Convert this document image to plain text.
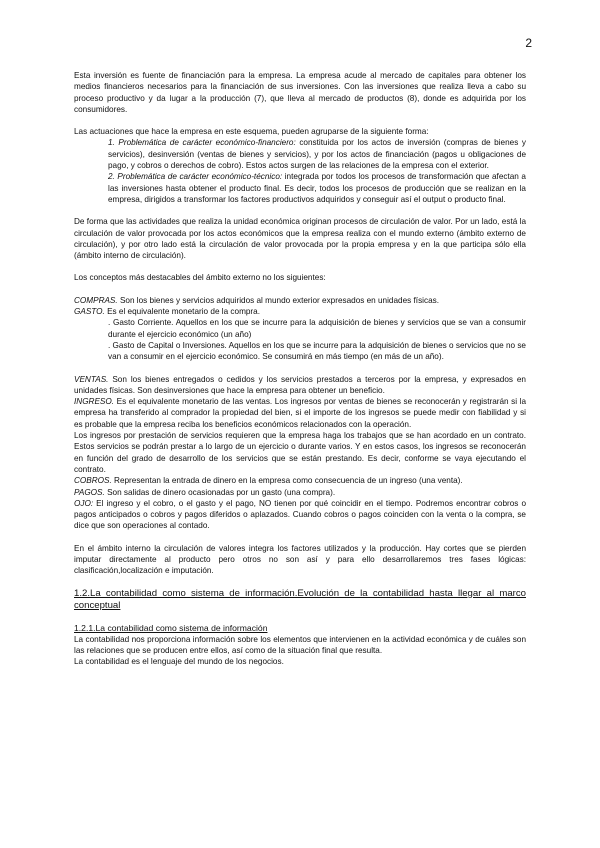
2

Esta inversión es fuente de financiación para la empresa. La empresa acude al mercado de capitales para obtener los medios financieros necesarios para la financiación de sus inversiones. Con las inversiones que realiza lleva a cabo su proceso productivo y da lugar a la producción (7), que lleva al mercado de productos (8), donde es adquirida por los consumidores.

Las actuaciones que hace la empresa en este esquema, pueden agruparse de la siguiente forma:

1. Problemática de carácter económico-financiero: constituida por los actos de inversión (compras de bienes y servicios), desinversión (ventas de bienes y servicios), y por los actos de financiación (pagos u obligaciones de pago, y cobros o derechos de cobro). Estos actos surgen de las relaciones de la empresa con el exterior.

2. Problemática de carácter económico-técnico: integrada por todos los procesos de transformación que afectan a las inversiones hasta obtener el producto final. Es decir, todos los procesos de producción que se realizan en la empresa, dirigidos a transformar los factores productivos adquiridos y conseguir así el output o producto final.

De forma que las actividades que realiza la unidad económica originan procesos de circulación de valor. Por un lado, está la circulación de valor provocada por los actos económicos que la empresa realiza con el mundo externo (ámbito externo de circulación), y por otro lado está la circulación de valor provocada por la propia empresa y en la que participa sólo ella (ámbito interno de circulación).

Los conceptos más destacables del ámbito externo no los siguientes:

COMPRAS. Son los bienes y servicios adquiridos al mundo exterior expresados en unidades físicas.

GASTO. Es el equivalente monetario de la compra.

. Gasto Corriente. Aquellos en los que se incurre para la adquisición de bienes y servicios que se van a consumir durante el ejercicio económico (un año)

. Gasto de Capital o Inversiones. Aquellos en los que se incurre para la adquisición de bienes o servicios que no se van a consumir en el ejercicio económico. Se consumirá en más tiempo (en más de un año).

VENTAS. Son los bienes entregados o cedidos y los servicios prestados a terceros por la empresa, y expresados en unidades físicas. Son desinversiones que hace la empresa para obtener un beneficio.

INGRESO. Es el equivalente monetario de las ventas. Los ingresos por ventas de bienes se reconocerán y registrarán si la empresa ha transferido al comprador la propiedad del bien, si el importe de los ingresos se puede medir con fiabilidad y si es probable que la empresa reciba los beneficios económicos relacionados con la operación.

Los ingresos por prestación de servicios requieren que la empresa haga los trabajos que se han acordado en un contrato. Estos servicios se podrán prestar a lo largo de un ejercicio o durante varios. Y en estos casos, los ingresos se reconocerán en función del grado de desarrollo de los servicios que se están prestando. Es decir, conforme se vaya ejecutando el contrato.

COBROS. Representan la entrada de dinero en la empresa como consecuencia de un ingreso (una venta).

PAGOS. Son salidas de dinero ocasionadas por un gasto (una compra).

OJO: El ingreso y el cobro, o el gasto y el pago, NO tienen por qué coincidir en el tiempo. Podremos encontrar cobros o pagos anticipados o cobros y pagos diferidos o aplazados. Cuando cobros o pagos coinciden con la venta o la compra, se dice que son operaciones al contado.

En el ámbito interno la circulación de valores integra los factores utilizados y la producción. Hay cortes que se pierden imputar directamente al producto pero otros no son así y para ello desarrollaremos tres fases lógicas: clasificación,localización e imputación.

1.2.La contabilidad como sistema de información.Evolución de la contabilidad hasta llegar al marco conceptual

1.2.1.La contabilidad como sistema de información

La contabilidad nos proporciona información sobre los elementos que intervienen en la actividad económica y de cuáles son las relaciones que se producen entre ellos, así como de la situación final que resulta.

La contabilidad es el lenguaje del mundo de los negocios.
